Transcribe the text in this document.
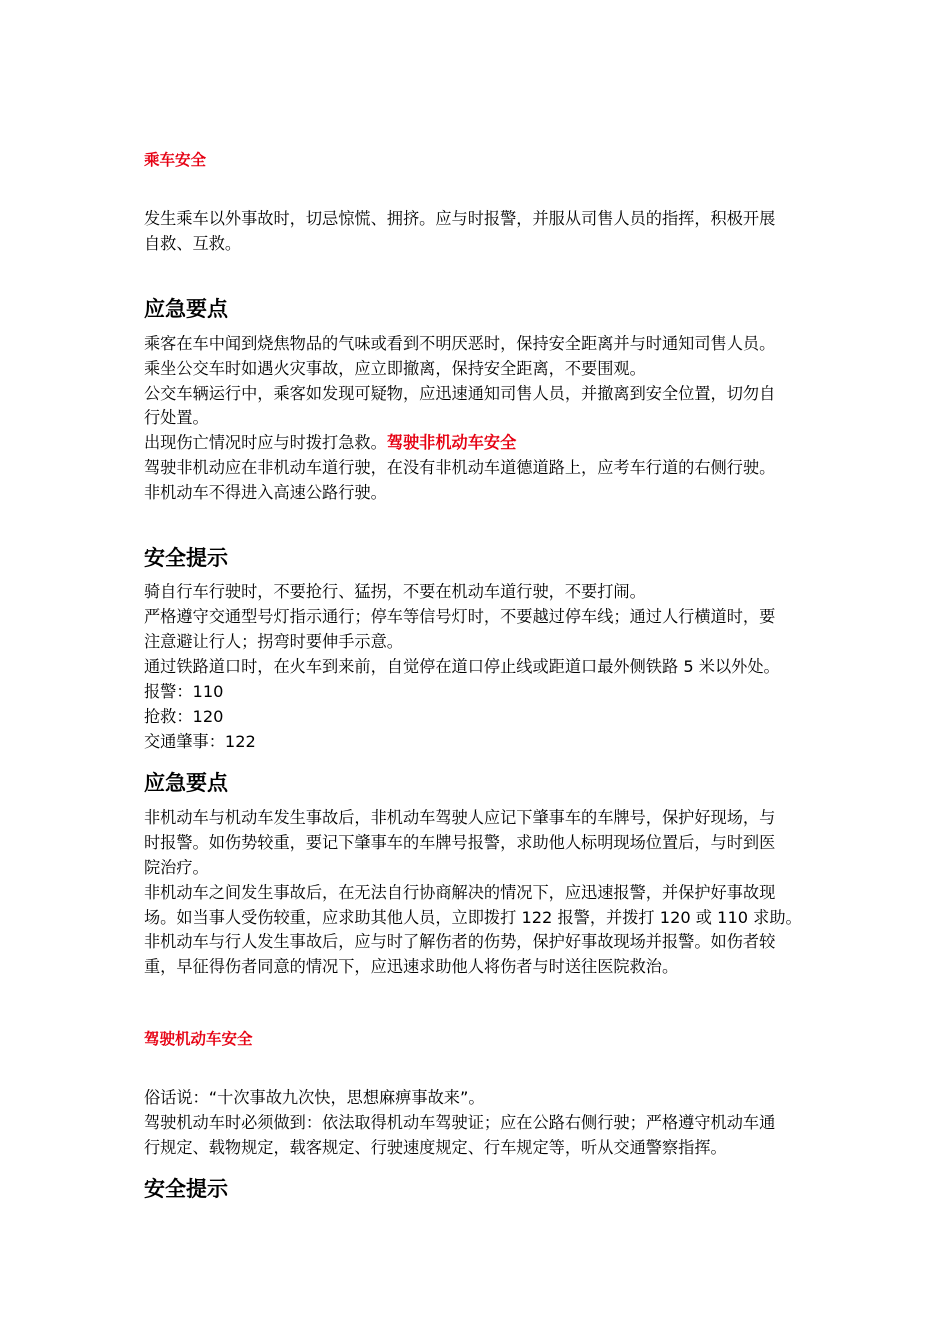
乘车安全
发生乘车以外事故时，切忌惊慌、拥挤。应与时报警，并服从司售人员的指挥，积极开展
自救、互救。
应急要点
乘客在车中闻到烧焦物品的气味或看到不明厌恶时，保持安全距离并与时通知司售人员。
乘坐公交车时如遇火灾事故，应立即撤离，保持安全距离，不要围观。
公交车辆运行中，乘客如发现可疑物，应迅速通知司售人员，并撤离到安全位置，切勿自
行处置。
出现伤亡情况时应与时拨打急救。驾驶非机动车安全
驾驶非机动应在非机动车道行驶，在没有非机动车道德道路上，应考车行道的右侧行驶。
非机动车不得进入高速公路行驶。
安全提示
骑自行车行驶时，不要抢行、猛拐，不要在机动车道行驶，不要打闹。
严格遵守交通型号灯指示通行；停车等信号灯时，不要越过停车线；通过人行横道时，要
注意避让行人；拐弯时要伸手示意。
通过铁路道口时，在火车到来前，自觉停在道口停止线或距道口最外侧铁路 5 米以外处。
报警：110
抢救：120
交通肇事：122
应急要点
非机动车与机动车发生事故后，非机动车驾驶人应记下肇事车的车牌号，保护好现场，与
时报警。如伤势较重，要记下肇事车的车牌号报警，求助他人标明现场位置后，与时到医
院治疗。
非机动车之间发生事故后，在无法自行协商解决的情况下，应迅速报警，并保护好事故现
场。如当事人受伤较重，应求助其他人员，立即拨打 122 报警，并拨打 120 或 110 求助。
非机动车与行人发生事故后，应与时了解伤者的伤势，保护好事故现场并报警。如伤者较
重，早征得伤者同意的情况下，应迅速求助他人将伤者与时送往医院救治。
驾驶机动车安全
俗话说：“十次事故九次快，思想麻痹事故来”。
驾驶机动车时必须做到：依法取得机动车驾驶证；应在公路右侧行驶；严格遵守机动车通
行规定、载物规定，载客规定、行驶速度规定、行车规定等，听从交通警察指挥。
安全提示
